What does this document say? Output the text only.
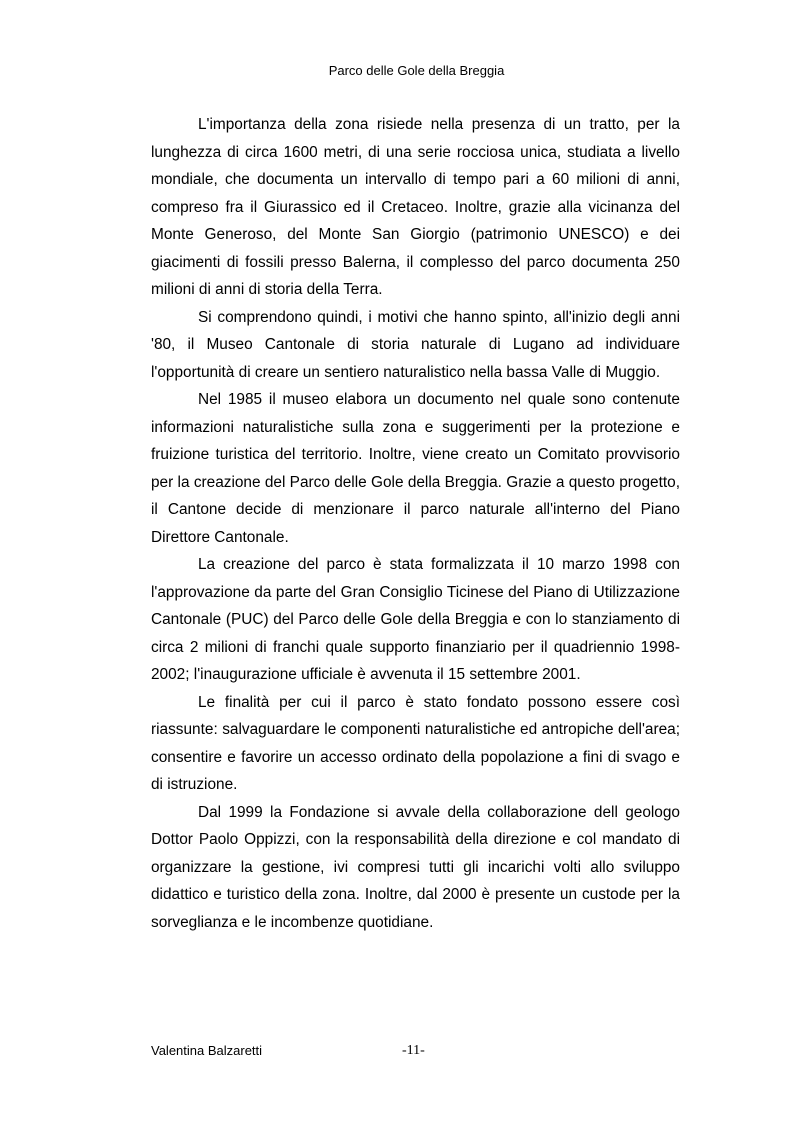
Parco delle Gole della Breggia

L'importanza della zona risiede nella presenza di un tratto, per la lunghezza di circa 1600 metri, di una serie rocciosa unica, studiata a livello mondiale, che documenta un intervallo di tempo pari a 60 milioni di anni, compreso fra il Giurassico ed il Cretaceo. Inoltre, grazie alla vicinanza del Monte Generoso, del Monte San Giorgio (patrimonio UNESCO) e dei giacimenti di fossili presso Balerna, il complesso del parco documenta 250 milioni di anni di storia della Terra.

Si comprendono quindi, i motivi che hanno spinto, all'inizio degli anni '80, il Museo Cantonale di storia naturale di Lugano ad individuare l'opportunità di creare un sentiero naturalistico nella bassa Valle di Muggio.

Nel 1985 il museo elabora un documento nel quale sono contenute informazioni naturalistiche sulla zona e suggerimenti per la protezione e fruizione turistica del territorio. Inoltre, viene creato un Comitato provvisorio per la creazione del Parco delle Gole della Breggia. Grazie a questo progetto, il Cantone decide di menzionare il parco naturale all'interno del Piano Direttore Cantonale.

La creazione del parco è stata formalizzata il 10 marzo 1998 con l'approvazione da parte del Gran Consiglio Ticinese del Piano di Utilizzazione Cantonale (PUC) del Parco delle Gole della Breggia e con lo stanziamento di circa 2 milioni di franchi quale supporto finanziario per il quadriennio 1998-2002; l'inaugurazione ufficiale è avvenuta il 15 settembre 2001.

Le finalità per cui il parco è stato fondato possono essere così riassunte: salvaguardare le componenti naturalistiche ed antropiche dell'area; consentire e favorire un accesso ordinato della popolazione a fini di svago e di istruzione.

Dal 1999 la Fondazione si avvale della collaborazione dell geologo Dottor Paolo Oppizzi, con la responsabilità della direzione e col mandato di organizzare la gestione, ivi compresi tutti gli incarichi volti allo sviluppo didattico e turistico della zona. Inoltre, dal 2000 è presente un custode per la sorveglianza e le incombenze quotidiane.

Valentina Balzaretti	-11-
